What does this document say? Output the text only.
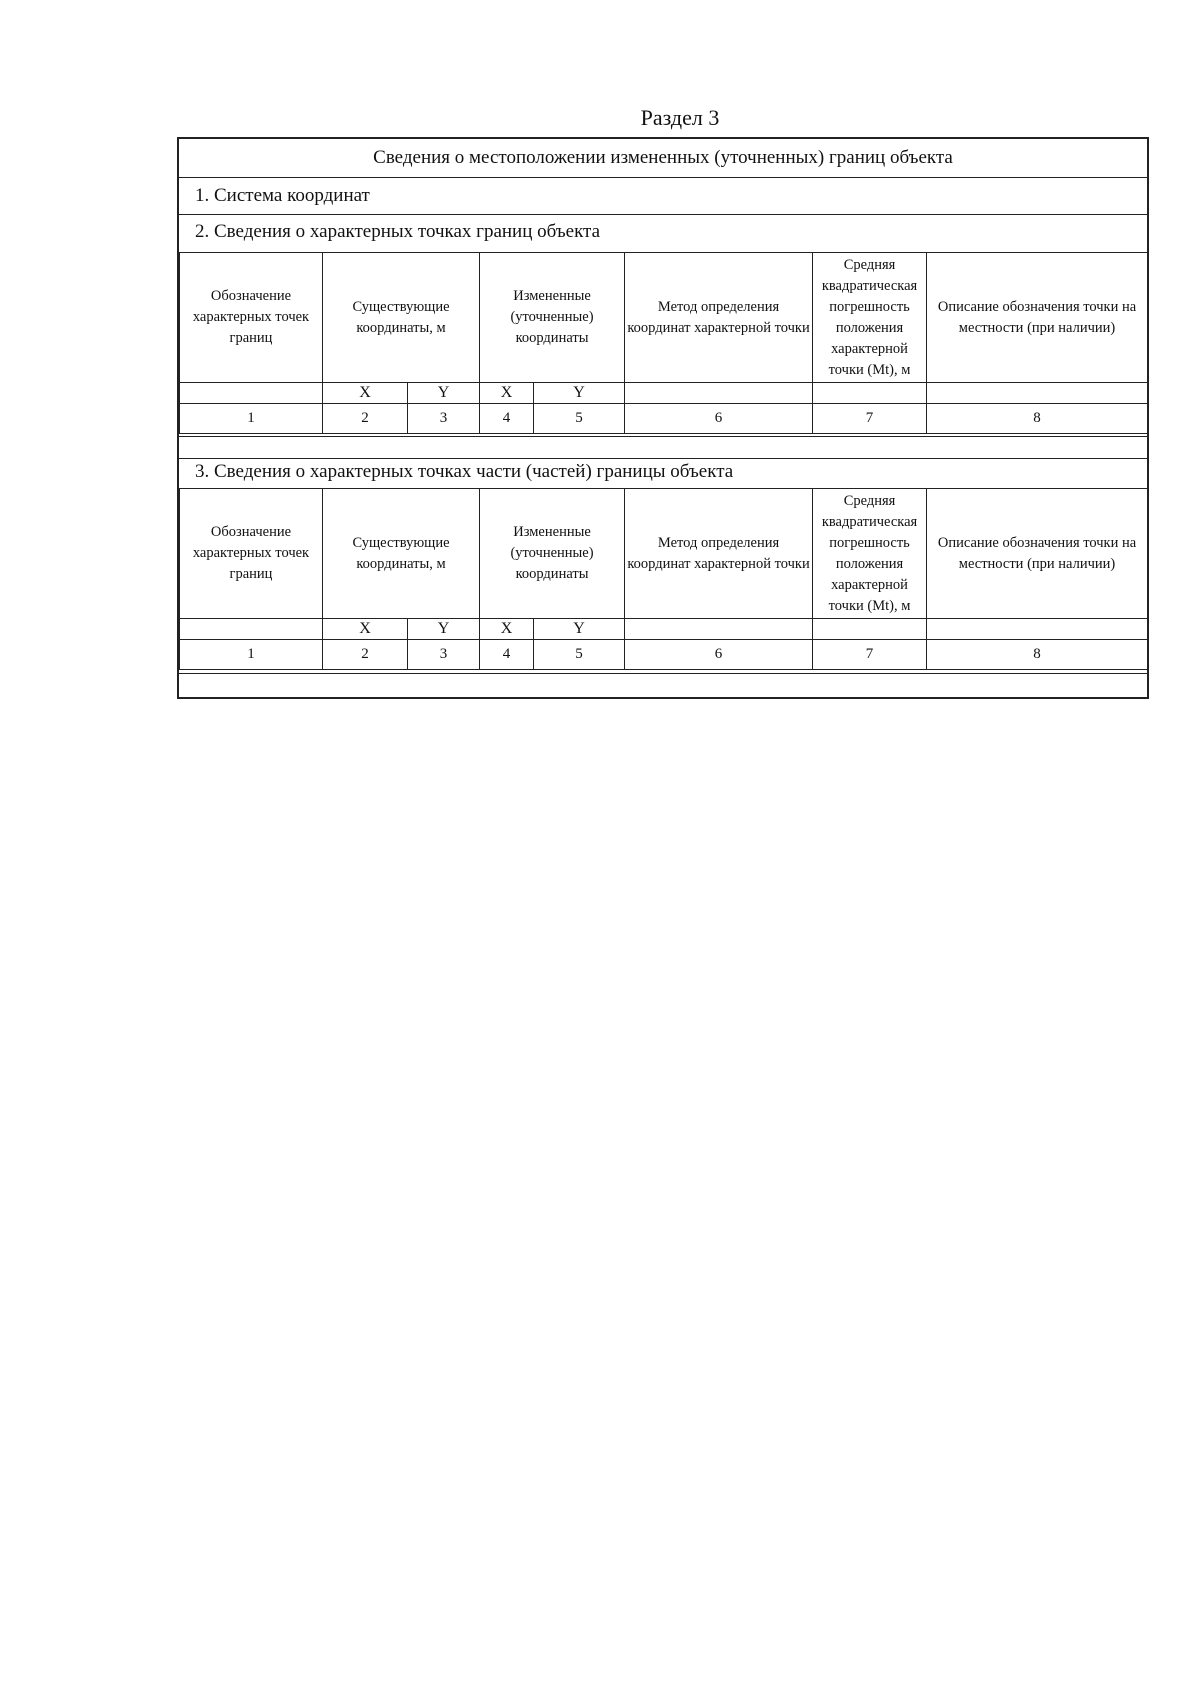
Раздел 3
Сведения о местоположении измененных (уточненных) границ объекта
1. Система координат
2. Сведения о характерных точках границ объекта
Обозначение характерных точек границ	Существующие координаты, м		Измененные (уточненные) координаты		Метод определения координат характерной точки	Средняя квадратическая погрешность положения характерной точки (Mt), м	Описание обозначения точки на местности (при наличии)
	X	Y	X	Y			
1	2	3	4	5	6	7	8
3. Сведения о характерных точках части (частей) границы объекта
Обозначение характерных точек границ	Существующие координаты, м		Измененные (уточненные) координаты		Метод определения координат характерной точки	Средняя квадратическая погрешность положения характерной точки (Mt), м	Описание обозначения точки на местности (при наличии)
	X	Y	X	Y			
1	2	3	4	5	6	7	8
